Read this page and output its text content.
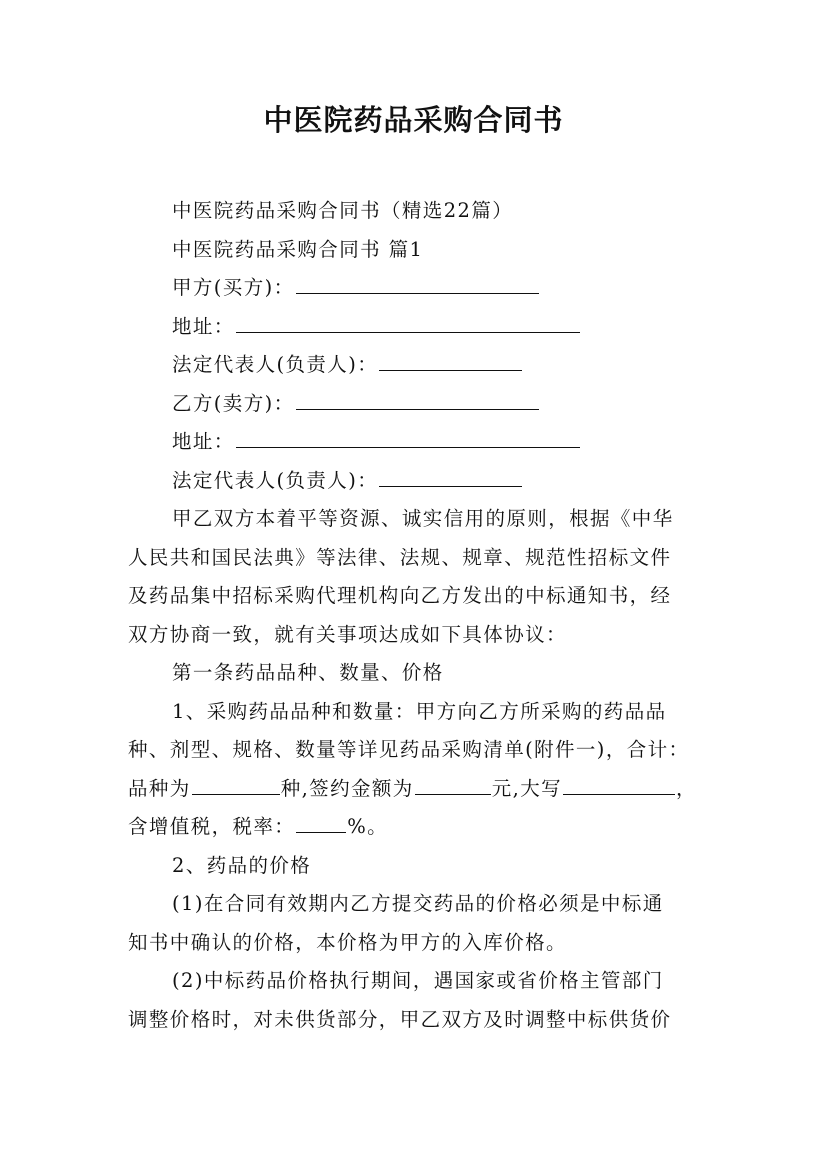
中医院药品采购合同书

中医院药品采购合同书（精选22篇）

中医院药品采购合同书 篇1

甲方(买方)：

地址：

法定代表人(负责人)：

乙方(卖方)：

地址：

法定代表人(负责人)：

甲乙双方本着平等资源、诚实信用的原则，根据《中华

人民共和国民法典》等法律、法规、规章、规范性招标文件

及药品集中招标采购代理机构向乙方发出的中标通知书，经

双方协商一致，就有关事项达成如下具体协议：

第一条药品品种、数量、价格

1、采购药品品种和数量：甲方向乙方所采购的药品品

种、剂型、规格、数量等详见药品采购清单(附件一)，合计：

品种为	种,签约金额为	元,大写	，

含增值税，税率：	%。

2、药品的价格

(1)在合同有效期内乙方提交药品的价格必须是中标通

知书中确认的价格，本价格为甲方的入库价格。

(2)中标药品价格执行期间，遇国家或省价格主管部门

调整价格时，对未供货部分，甲乙双方及时调整中标供货价
